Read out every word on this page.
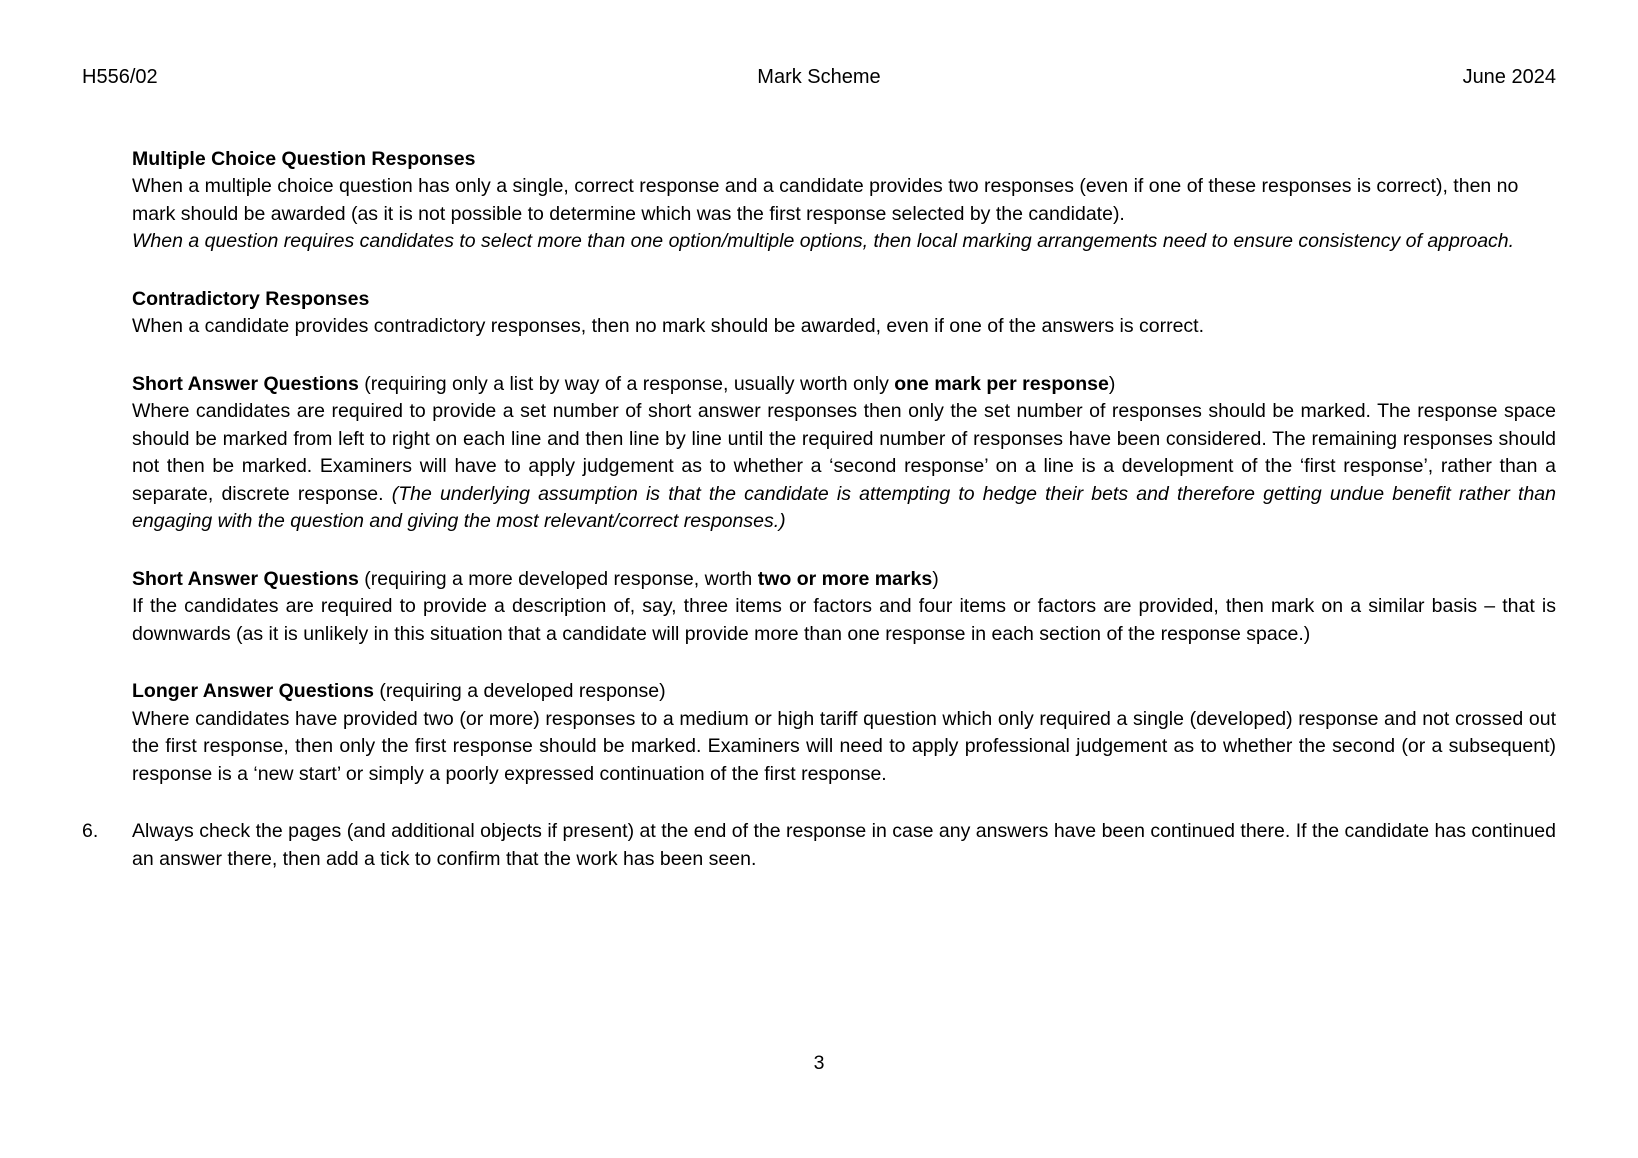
H556/02	Mark Scheme	June 2024

Multiple Choice Question Responses

When a multiple choice question has only a single, correct response and a candidate provides two responses (even if one of these responses is correct), then no mark should be awarded (as it is not possible to determine which was the first response selected by the candidate).

When a question requires candidates to select more than one option/multiple options, then local marking arrangements need to ensure consistency of approach.

Contradictory Responses

When a candidate provides contradictory responses, then no mark should be awarded, even if one of the answers is correct.

Short Answer Questions (requiring only a list by way of a response, usually worth only one mark per response)

Where candidates are required to provide a set number of short answer responses then only the set number of responses should be marked. The response space should be marked from left to right on each line and then line by line until the required number of responses have been considered. The remaining responses should not then be marked. Examiners will have to apply judgement as to whether a ‘second response’ on a line is a development of the ‘first response’, rather than a separate, discrete response. (The underlying assumption is that the candidate is attempting to hedge their bets and therefore getting undue benefit rather than engaging with the question and giving the most relevant/correct responses.)

Short Answer Questions (requiring a more developed response, worth two or more marks)

If the candidates are required to provide a description of, say, three items or factors and four items or factors are provided, then mark on a similar basis – that is downwards (as it is unlikely in this situation that a candidate will provide more than one response in each section of the response space.)

Longer Answer Questions (requiring a developed response)

Where candidates have provided two (or more) responses to a medium or high tariff question which only required a single (developed) response and not crossed out the first response, then only the first response should be marked. Examiners will need to apply professional judgement as to whether the second (or a subsequent) response is a ‘new start’ or simply a poorly expressed continuation of the first response.

6.	Always check the pages (and additional objects if present) at the end of the response in case any answers have been continued there. If the candidate has continued an answer there, then add a tick to confirm that the work has been seen.

3
